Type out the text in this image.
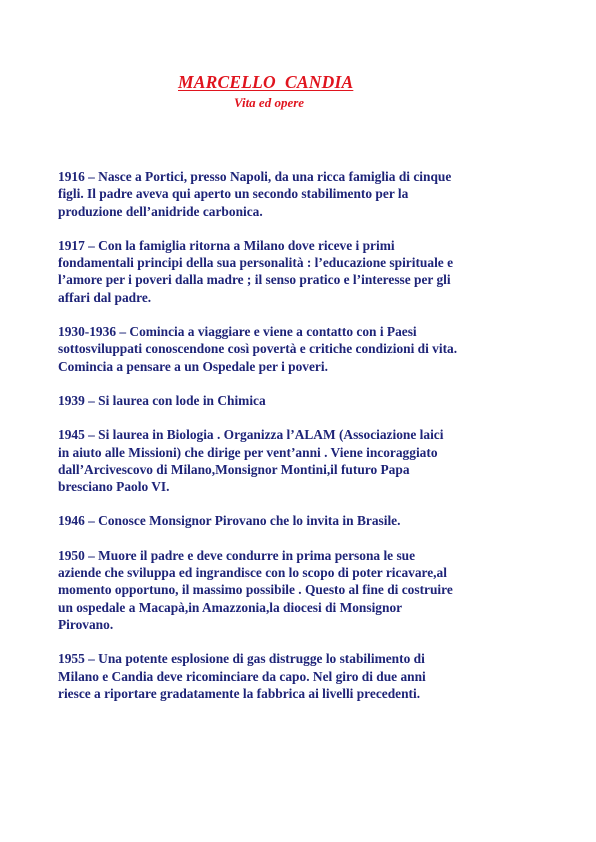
MARCELLO  CANDIA
Vita ed opere
1916 – Nasce a Portici, presso Napoli, da una ricca famiglia di cinque
figli. Il padre aveva qui aperto un secondo stabilimento per la
produzione dell’anidride carbonica.
1917 – Con la famiglia ritorna a Milano dove riceve i primi
fondamentali principi della sua personalità : l’educazione spirituale e
l’amore per i poveri dalla madre ; il senso pratico e l’interesse per gli
affari dal padre.
1930-1936 – Comincia a viaggiare e viene a contatto con i Paesi
sottosviluppati conoscendone così povertà e critiche condizioni di vita.
Comincia a pensare a un Ospedale per i poveri.
1939 – Si laurea con lode in Chimica
1945 – Si laurea in Biologia . Organizza l’ALAM (Associazione laici
in aiuto alle Missioni) che dirige per vent’anni . Viene incoraggiato
dall’Arcivescovo di Milano,Monsignor Montini,il futuro Papa
bresciano Paolo VI.
1946 – Conosce Monsignor Pirovano che lo invita in Brasile.
1950 – Muore il padre e deve condurre in prima persona le sue
aziende che sviluppa ed ingrandisce con lo scopo di poter ricavare,al
momento opportuno, il massimo possibile . Questo al fine di costruire
un ospedale a Macapà,in Amazzonia,la diocesi di Monsignor
Pirovano.
1955 – Una potente esplosione di gas distrugge lo stabilimento di
Milano e Candia deve ricominciare da capo. Nel giro di due anni
riesce a riportare gradatamente la fabbrica ai livelli precedenti.
